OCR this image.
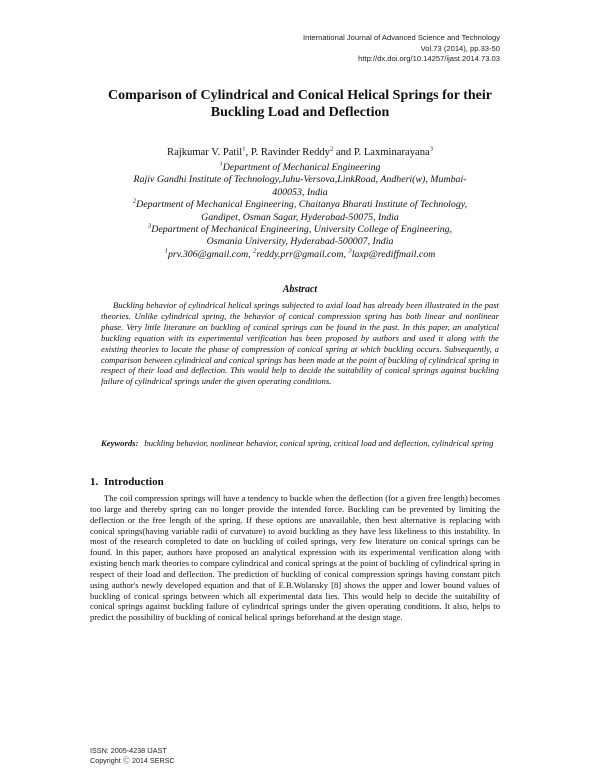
International Journal of Advanced Science and Technology
Vol.73 (2014), pp.33-50
http://dx.doi.org/10.14257/ijast.2014.73.03
Comparison of Cylindrical and Conical Helical Springs for their
Buckling Load and Deflection
Rajkumar V. Patil$^1$, P. Ravinder Reddy$^2$ and P. Laxminarayana$^3$
$^1$Department of Mechanical Engineering
Rajiv Gandhi Institute of Technology,Juhu-Versova,LinkRoad, Andheri(w), Mumbai-
400053, India
$^2$Department of Mechanical Engineering, Chaitanya Bharati Institute of Technology,
Gandipet, Osman Sagar, Hyderabad-50075, India
$^3$Department of Mechanical Engineering, University College of Engineering,
Osmania University, Hyderabad-500007, India
$^1$prv.306@gmail.com, $^2$reddy.prr@gmail.com, $^3$laxp@rediffmail.com
Abstract
Buckling behavior of cylindrical helical springs subjected to axial load has already been illustrated in the past theories. Unlike cylindrical spring, the behavior of conical compression spring has both linear and nonlinear phase. Very little literature on buckling of conical springs can be found in the past. In this paper, an analytical buckling equation with its experimental verification has been proposed by authors and used it along with the existing theories to locate the phase of compression of conical spring at which buckling occurs. Subsequently, a comparison between cylindrical and conical springs has been made at the point of buckling of cylindrical spring in respect of their load and deflection. This would help to decide the suitability of conical springs against buckling failure of cylindrical springs under the given operating conditions.
Keywords: buckling behavior, nonlinear behavior, conical spring, critical load and deflection, cylindrical spring
1. Introduction
The coil compression springs will have a tendency to buckle when the deflection (for a given free length) becomes too large and thereby spring can no longer provide the intended force. Buckling can be prevented by limiting the deflection or the free length of the spring. If these options are unavailable, then best alternative is replacing with conical springs(having variable radii of curvature) to avoid buckling as they have less likeliness to this instability. In most of the research completed to date on buckling of coiled springs, very few literature on conical springs can be found. In this paper, authors have proposed an analytical expression with its experimental verification along with existing bench mark theories to compare cylindrical and conical springs at the point of buckling of cylindrical spring in respect of their load and deflection. The prediction of buckling of conical compression springs having constant pitch using author's newly developed equation and that of E.B.Wolansky [8] shows the upper and lower bound values of buckling of conical springs between which all experimental data lies. This would help to decide the suitability of conical springs against buckling failure of cylindrical springs under the given operating conditions. It also, helps to predict the possibility of buckling of conical helical springs beforehand at the design stage.
ISSN: 2005-4238 IJAST
Copyright Ⓒ 2014 SERSC
